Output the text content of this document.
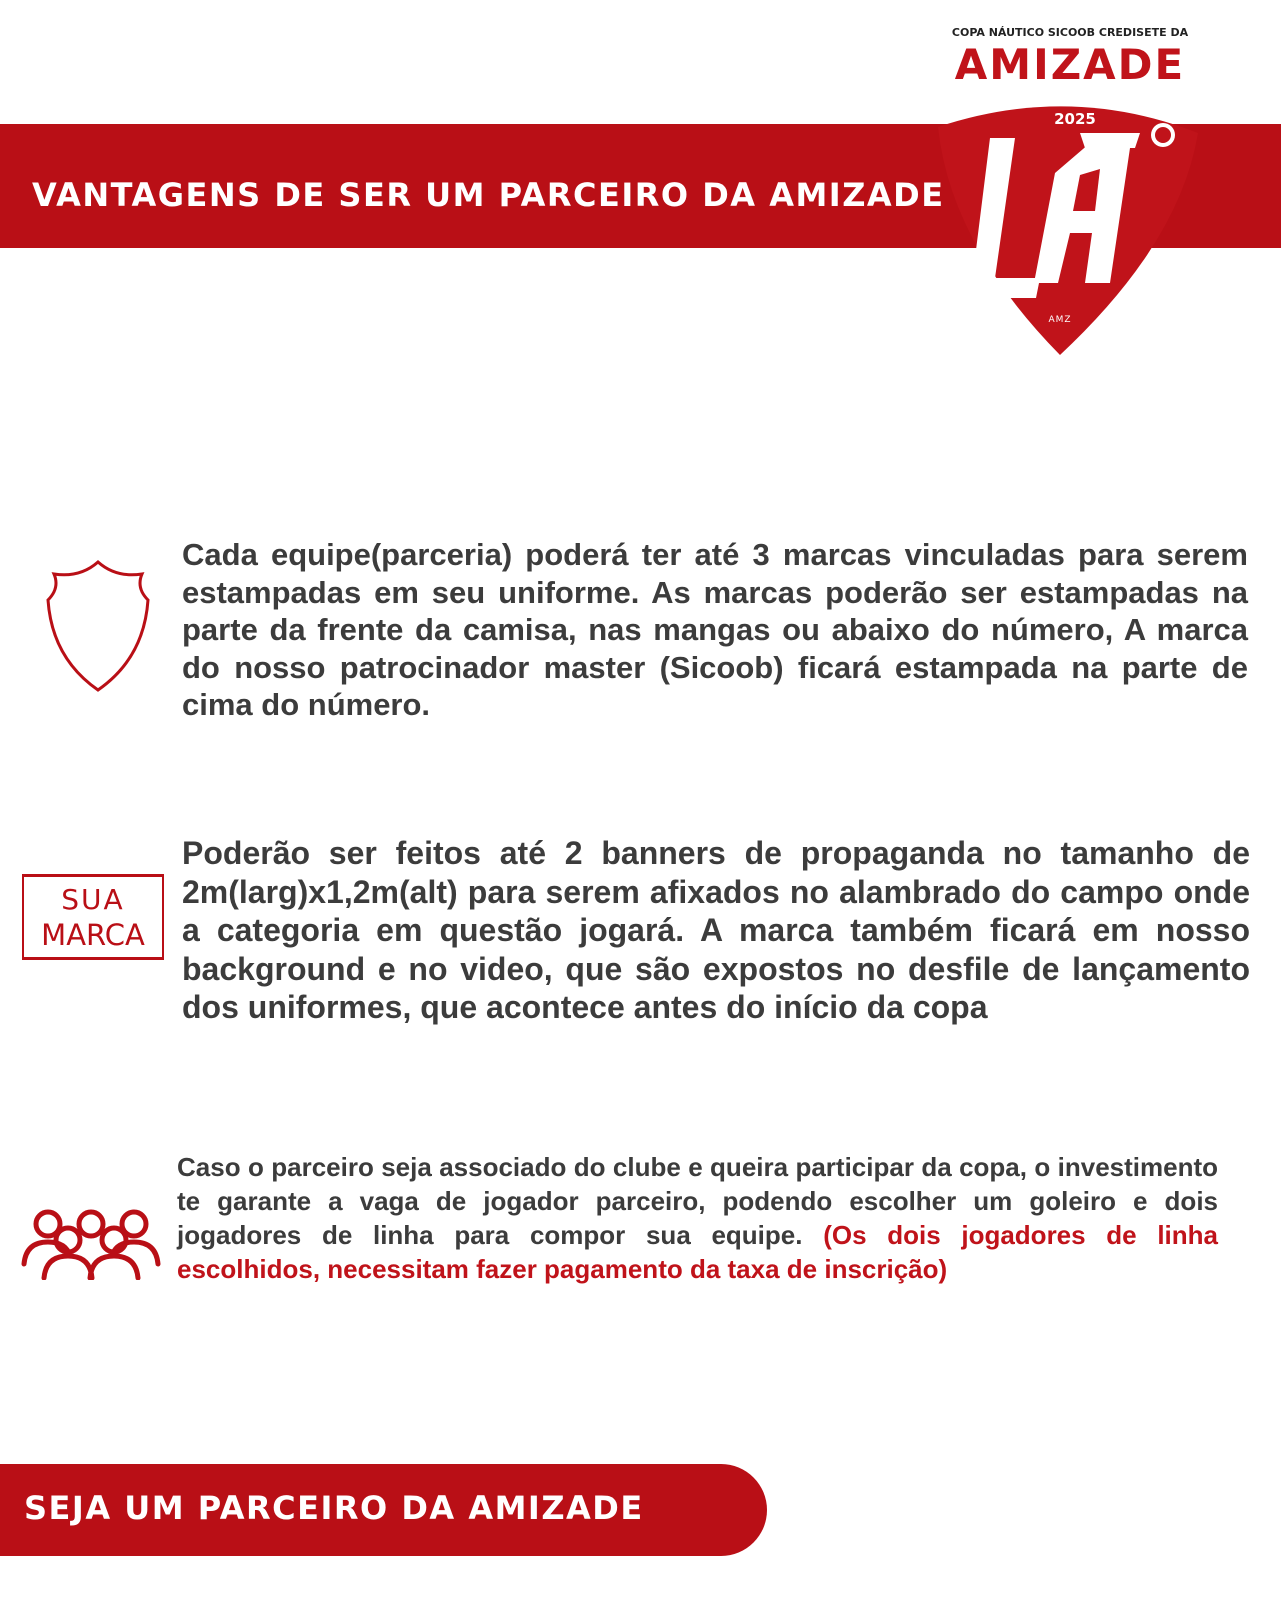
VANTAGENS DE SER UM PARCEIRO DA AMIZADE
COPA NÁUTICO SICOOB CREDISETE DA
AMIZADE
2025
AMZ

Cada equipe(parceria) poderá ter até 3 marcas vinculadas para serem estampadas em seu uniforme. As marcas poderão ser estampadas na parte da frente da camisa, nas mangas ou abaixo do número, A marca do nosso patrocinador master (Sicoob) ficará estampada na parte de cima do número.

SUA
MARCA

Poderão ser feitos até 2 banners de propaganda no tamanho de 2m(larg)x1,2m(alt) para serem afixados no alambrado do campo onde a categoria em questão jogará. A marca também ficará em nosso background e no video, que são expostos no desfile de lançamento dos uniformes, que acontece antes do início da copa

Caso o parceiro seja associado do clube e queira participar da copa, o investimento te garante a vaga de jogador parceiro, podendo escolher um goleiro e dois jogadores de linha para compor sua equipe. (Os dois jogadores de linha escolhidos, necessitam fazer pagamento da taxa de inscrição)

SEJA UM PARCEIRO DA AMIZADE
